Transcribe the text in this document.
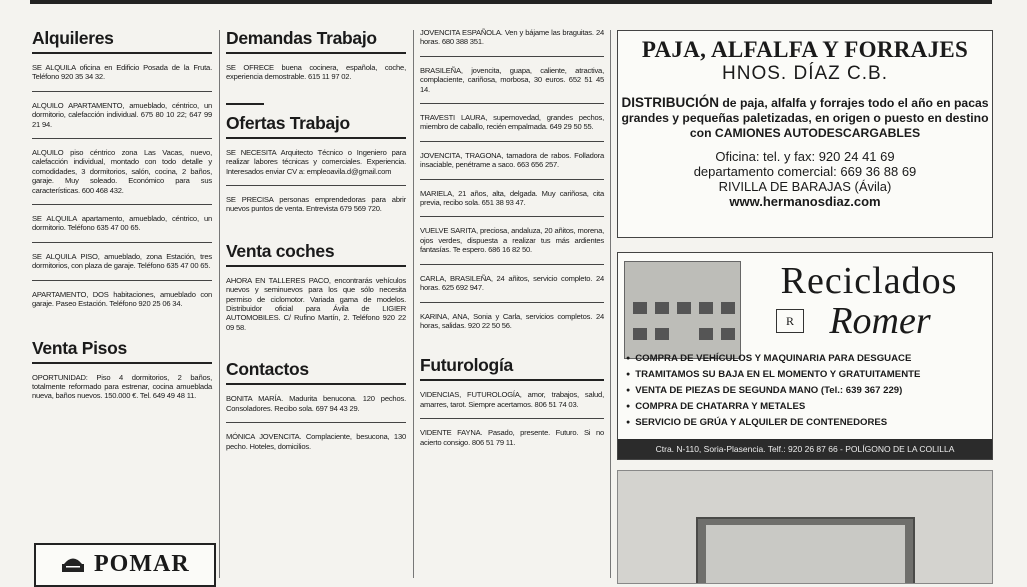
Alquileres

SE ALQUILA oficina en Edificio Posada de la Fruta. Teléfono 920 35 34 32.

ALQUILO APARTAMENTO, amueblado, céntrico, un dormitorio, calefacción individual. 675 80 10 22; 647 99 21 94.

ALQUILO piso céntrico zona Las Vacas, nuevo, calefacción individual, montado con todo detalle y comodidades, 3 dormitorios, salón, cocina, 2 baños, garaje. Muy soleado. Económico para sus características. 600 468 432.

SE ALQUILA apartamento, amueblado, céntrico, un dormitorio. Teléfono 635 47 00 65.

SE ALQUILA PISO, amueblado, zona Estación, tres dormitorios, con plaza de garaje. Teléfono 635 47 00 65.

APARTAMENTO, DOS habitaciones, amueblado con garaje. Paseo Estación. Teléfono 920 25 06 34.

Venta Pisos

OPORTUNIDAD: Piso 4 dormitorios, 2 baños, totalmente reformado para estrenar, cocina amueblada nueva, baños nuevos. 150.000 €. Tel. 649 49 48 11.

POMAR
Demandas Trabajo

SE OFRECE buena cocinera, española, coche, experiencia demostrable. 615 11 97 02.

Ofertas Trabajo

SE NECESITA Arquitecto Técnico o Ingeniero para realizar labores técnicas y comerciales. Experiencia. Interesados enviar CV a: empleoavila.d@gmail.com

SE PRECISA personas emprendedoras para abrir nuevos puntos de venta. Entrevista 679 569 720.

Venta coches

AHORA EN TALLERES PACO, encontrarás vehículos nuevos y seminuevos para los que sólo necesita permiso de ciclomotor. Variada gama de modelos. Distribuidor oficial para Ávila de LIGIER AUTOMOBILES. C/ Rufino Martín, 2. Teléfono 920 22 09 58.

Contactos

BONITA MARÍA. Madurita benucona. 120 pechos. Consoladores. Recibo sola. 697 94 43 29.

MÓNICA JOVENCITA. Complaciente, besucona, 130 pecho. Hoteles, domicilios.

JOVENCITA ESPAÑOLA. Ven y bájame las braguitas. 24 horas. 680 388 351.

BRASILEÑA, jovencita, guapa, caliente, atractiva, complaciente, cariñosa, morbosa, 30 euros. 652 51 45 14.

TRAVESTI LAURA, supernovedad, grandes pechos, miembro de caballo, recién empalmada. 649 29 50 55.

JOVENCITA, TRAGONA, tamadora de rabos. Folladora insaciable, penétrame a saco. 663 656 257.

MARIELA, 21 años, alta, delgada. Muy cariñosa, cita previa, recibo sola. 651 38 93 47.

VUELVE SARITA, preciosa, andaluza, 20 añitos, morena, ojos verdes, dispuesta a realizar tus más ardientes fantasías. Te espero. 686 16 82 50.

CARLA, BRASILEÑA, 24 añitos, servicio completo. 24 horas. 625 692 947.

KARINA, ANA, Sonia y Carla, servicios completos. 24 horas, salidas. 920 22 50 56.

Futurología

VIDENCIAS, FUTUROLOGÍA, amor, trabajos, salud, amarres, tarot. Siempre acertamos. 806 51 74 03.

VIDENTE FAYNA. Pasado, presente. Futuro. Si no acierto consigo. 806 51 79 11.

PAJA, ALFALFA Y FORRAJES
HNOS. DÍAZ C.B.
DISTRIBUCIÓN de paja, alfalfa y forrajes todo el año en pacas grandes y pequeñas paletizadas, en origen o puesto en destino con CAMIONES AUTODESCARGABLES
Oficina: tel. y fax: 920 24 41 69
departamento comercial: 669 36 88 69
RIVILLA DE BARAJAS (Ávila)
www.hermanosdiaz.com
Reciclados
R Romer
● COMPRA DE VEHÍCULOS Y MAQUINARIA PARA DESGUACE
● TRAMITAMOS SU BAJA EN EL MOMENTO Y GRATUITAMENTE
● VENTA DE PIEZAS DE SEGUNDA MANO (Tel.: 639 367 229)
● COMPRA DE CHATARRA Y METALES
● SERVICIO DE GRÚA Y ALQUILER DE CONTENEDORES
Ctra. N-110, Soria-Plasencia. Telf.: 920 26 87 66 - POLÍGONO DE LA COLILLA
